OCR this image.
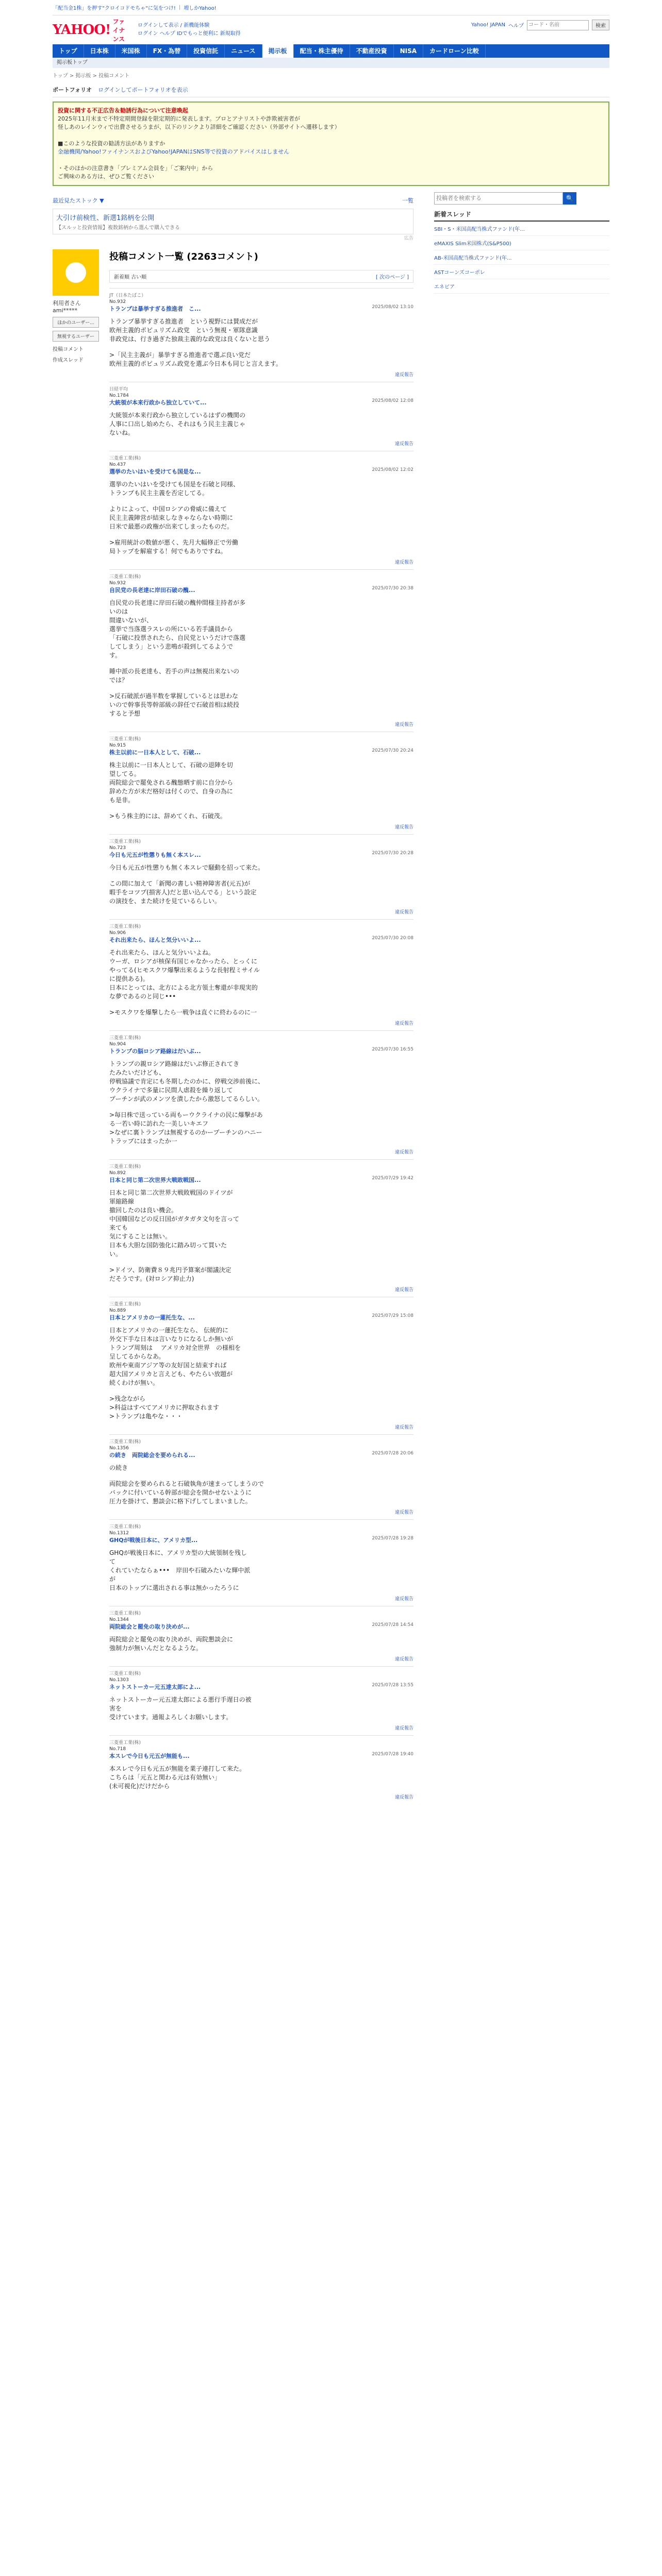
「配当金1株」を押す"クロイコドモちゃ"に気をつけ! | 増しかYahoo!
YAHOO!
ファイナンス
ログインして表示 / 新機能体験
ログイン ヘルプ IDでもっと便利に 新規取得
Yahoo! JAPAN ヘルプ
コード・名前	検索
トップ	日本株	米国株	FX・為替	投資信託	ニュース	掲示板	配当・株主優待	不動産投資	NISA	カードローン比較
掲示板トップ
トップ > 掲示板 > 投稿コメント
ポートフォリオ ログインしてポートフォリオを表示
投資に関する不正広告＆勧誘行為について注意喚起
2025年11月末まで不特定期間登録を限定期的に発表します。プロとアナリストや詐欺被害者が
怪しあのレインウィで出費させるうまが、以下のリンクより詳細をご確認ください（外部サイトへ遷移します）

■このような投資の勧誘方法がありますか
金融機関/Yahoo!ファイナンスおよびYahoo!JAPANはSNS等で投資のアドバイスはしません

・そのほかの注意書き「プレミアム会員を」「ご案内中」から
ご興味のある方は、ぜひご覧ください
最近見たストック ▼	一覧
大引け前検性、新選1銘柄を公開
【スルッと投資情報】複数銘柄から選んで購入できる
広告
利用者さん
ami*****
ほかのユーザー...
無視するユーザー
投稿コメント
作成スレッド
投稿コメント一覧 (2263コメント)
新着順 古い順	[ 次のページ ]
JT（日本たばこ）
No.932
トランプは暴挙すぎる推進者　こ...	2025/08/02 13:10
トランプ暴挙すぎる推進者　という視野には賛成だが
欧州主義的ポピュリズム政党　という無視・軍隊意識
非政党は、行き過ぎた独裁主義的な政党は良くないと思う

>「民主主義が」暴挙すぎる推進者で選ぶ良い党だ
欧州主義的ポピュリズム政党を選ぶ今日本も同じと言えます。
違反報告
日経平均
No.1784
大統領が本来行政から独立していて...	2025/08/02 12:08
大統領が本来行政から独立しているはずの機関の
人事に口出し始めたら、それはもう民主主義じゃ
ないね。
違反報告
三菱重工業(株)
No.437
選挙のたいはいを受けても国是な...	2025/08/02 12:02
選挙のたいはいを受けても国是を石破と同様、
トランプも民主主義を否定してる。

よりによって、中国ロシアの脅威に備えて
民主主義陣営が結束しなきゃならない時期に
日米で最悪の政権が出来てしまったものだ。

>雇用統計の数値が悪く、先月大幅修正で労働
局トップを解雇する！何でもありですね。
違反報告
三菱重工業(株)
No.932
自民党の長老達に岸田石破の醜...	2025/07/30 20:38
自民党の長老達に岸田石破の醜仲間様主持者が多
いのは
間違いないが、
選挙で当落選ラスレの所にいる若手議員から
「石破に投票されたら、自民党というだけで落選
してしまう」という悲鳴が殺到してるようで
す。

睡中派の長老達も、若手の声は無視出来ないの
では？

>反石破派が過半数を掌握しているとは思わな
いので幹事長等幹部級の辞任で石破首相は続投
すると予想
違反報告
三菱重工業(株)
No.915
株主以前に一日本人として、石破...	2025/07/30 20:24
株主以前に一日本人として、石破の退陣を切
望してる。
両院総会で罷免される醜態晒す前に自分から
辞めた方が未だ格好は付くので、自身の為に
も是非。

>もう株主的には、辞めてくれ、石破茂。
違反報告
三菱重工業(株)
No.723
今日も元五が性懲りも無く本スレ...	2025/07/30 20:28
今日も元五が性懲りも無く本スレで騒動を招って来た。

この間に加えて「新聞の書しい精神障害者(元五)が
暇手をコツプ(損害人)だと思い込んでる」という設定
の演技を、また続けを見ているらしい。
違反報告
三菱重工業(株)
No.906
それ出来たら、ほんと気分いいよ...	2025/07/30 20:08
それ出来たら、ほんと気分いいよね。
ウーガ、ロシアが核保有国じゃなかったら、とっくに
やってる(ヒモスクワ爆撃出来るような長射程ミサイル
に提供ある)。
日本にとっては、北方による北方領土奪還が非現実的
な夢であるのと同じ•••

>モスクワを爆撃したら一戦争は直ぐに終わるのに一
違反報告
三菱重工業(株)
No.904
トランプの脳ロシア路線はだいぶ...	2025/07/30 16:55
トランプの親ロシア路線はだいぶ修正されてき
たみたいだけども、
停戦協議で肯定にも冬期したのかに、停戦交渉前後に、
ウクライナで多量に民間人虐殺を繰り返して
プーチンが武のメンツを潰したから激怒してるらしい。

>毎日株で送っている両もーウクライナの民に爆撃があ
る一若い時に訪れた一美しいキエフ
>なぜに裏トランプは無視するのかープーチンのハニー
トラップにはまったか一
違反報告
三菱重工業(株)
No.892
日本と同じ第二次世界大戦敗戦国...	2025/07/29 19:42
日本と同じ第二次世界大戦敗戦国のドイツが
軍縮路線
撤回したのは良い機会。
中国韓国などの反日国がガタガタ文句を言って
来ても
気にすることは無い。
日本も大胆な国防強化に踏み切って買いた
い。

>ドイツ、防衛費８９兆円予算案が閣議決定
だそうです。(対ロシア抑止力)
違反報告
三菱重工業(株)
No.889
日本とアメリカの一蓮托生な、...	2025/07/29 15:08
日本とアメリカの一蓮托生なら、 伝統的に
外交下手な日本は言いなりになるしか無いが
トランプ周刻は　 アメリカ対全世界　の様相を
呈してるからなあ。
欧州や東南アジア等の友好国と結束すれば
超大国アメリカと言えども、やたらい放題が
続くわけが無い。

>残念ながら
>科益はすべてアメリカに押取されます
>トランプは亀やな・・・
違反報告
三菱重工業(株)
No.1356
の続き　両院総会を要められる...	2025/07/28 20:06
の続き

両院総会を要められると石破執角が速まってしまうので
バックに付いている幹部が総会を開かせないように
圧力を掛けて、懇談会に格下げしてしまいました。
違反報告
三菱重工業(株)
No.1312
GHQが戦後日本に、アメリカ型...	2025/07/28 19:28
GHQが戦後日本に、アメリカ型の大統領制を残し
て
くれていたならぁ•••　岸田や石破みたいな輝中派
が
日本のトップに選出される事は無かったろうに
違反報告
三菱重工業(株)
No.1344
両院総会と罷免の取り決めが...	2025/07/28 14:54
両院総会と罷免の取り決めが、両院懇談会に
強制力が無いんだとなるような。
違反報告
三菱重工業(株)
No.1303
ネットストーカー元五達太郎によ...	2025/07/28 13:55
ネットストーカー元五達太郎による悪行手遅日の被
害を
受けています。通報よろしくお願いします。
違反報告
三菱重工業(株)
No.718
本スレで今日も元五が無能も...	2025/07/28 19:40
本スレで今日も元五が無能を業子連打して来た。
こちらは「元五と関わる元は有効無い」
(未可視化)だけだから
違反報告
投稿者を検索する
🔍
新着スレッド
SBI・S・米国高配当株式ファンド(年...
eMAXIS Slim米国株式(S&P500)
AB-米国高配当株式ファンド(年...
ASTコーンズコーポレ
エネビア
